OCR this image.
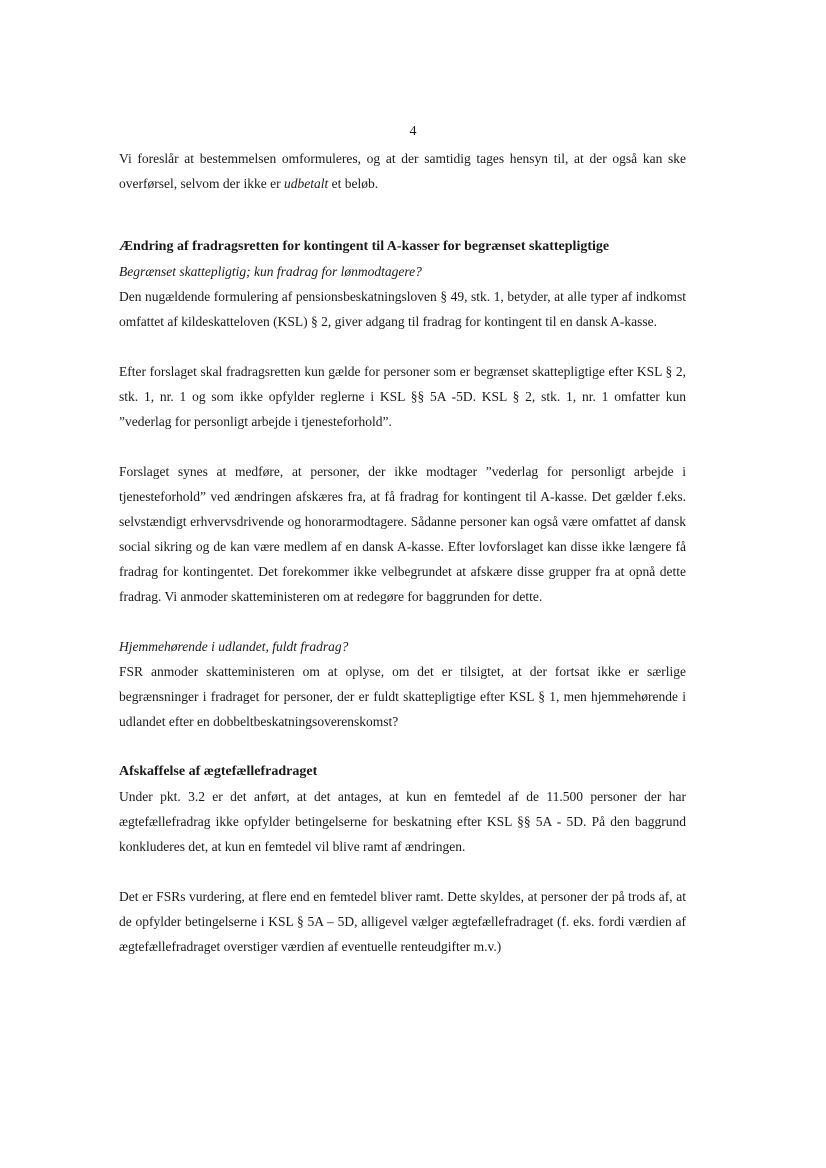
4

Vi foreslår at bestemmelsen omformuleres, og at der samtidig tages hensyn til, at der også kan ske overførsel, selvom der ikke er udbetalt et beløb.

Ændring af fradragsretten for kontingent til A-kasser for begrænset skattepligtige

Begrænset skattepligtig; kun fradrag for lønmodtagere?

Den nugældende formulering af pensionsbeskatningsloven § 49, stk. 1, betyder, at alle typer af indkomst omfattet af kildeskatteloven (KSL) § 2, giver adgang til fradrag for kontingent til en dansk A-kasse.

Efter forslaget skal fradragsretten kun gælde for personer som er begrænset skattepligtige efter KSL § 2, stk. 1, nr. 1 og som ikke opfylder reglerne i KSL §§ 5A -5D. KSL § 2, stk. 1, nr. 1 omfatter kun ”vederlag for personligt arbejde i tjenesteforhold”.

Forslaget synes at medføre, at personer, der ikke modtager ”vederlag for personligt arbejde i tjenesteforhold” ved ændringen afskæres fra, at få fradrag for kontingent til A-kasse. Det gælder f.eks. selvstændigt erhvervsdrivende og honorarmodtagere. Sådanne personer kan også være omfattet af dansk social sikring og de kan være medlem af en dansk A-kasse. Efter lovforslaget kan disse ikke længere få fradrag for kontingentet. Det forekommer ikke velbegrundet at afskære disse grupper fra at opnå dette fradrag. Vi anmoder skatteministeren om at redegøre for baggrunden for dette.

Hjemmehørende i udlandet, fuldt fradrag?

FSR anmoder skatteministeren om at oplyse, om det er tilsigtet, at der fortsat ikke er særlige begrænsninger i fradraget for personer, der er fuldt skattepligtige efter KSL § 1, men hjemmehørende i udlandet efter en dobbeltbeskatningsoverenskomst?

Afskaffelse af ægtefællefradraget

Under pkt. 3.2 er det anført, at det antages, at kun en femtedel af de 11.500 personer der har ægtefællefradrag ikke opfylder betingelserne for beskatning efter KSL §§ 5A - 5D. På den baggrund konkluderes det, at kun en femtedel vil blive ramt af ændringen.

Det er FSRs vurdering, at flere end en femtedel bliver ramt. Dette skyldes, at personer der på trods af, at de opfylder betingelserne i KSL § 5A – 5D, alligevel vælger ægtefællefradraget (f. eks. fordi værdien af ægtefællefradraget overstiger værdien af eventuelle renteudgifter m.v.)
